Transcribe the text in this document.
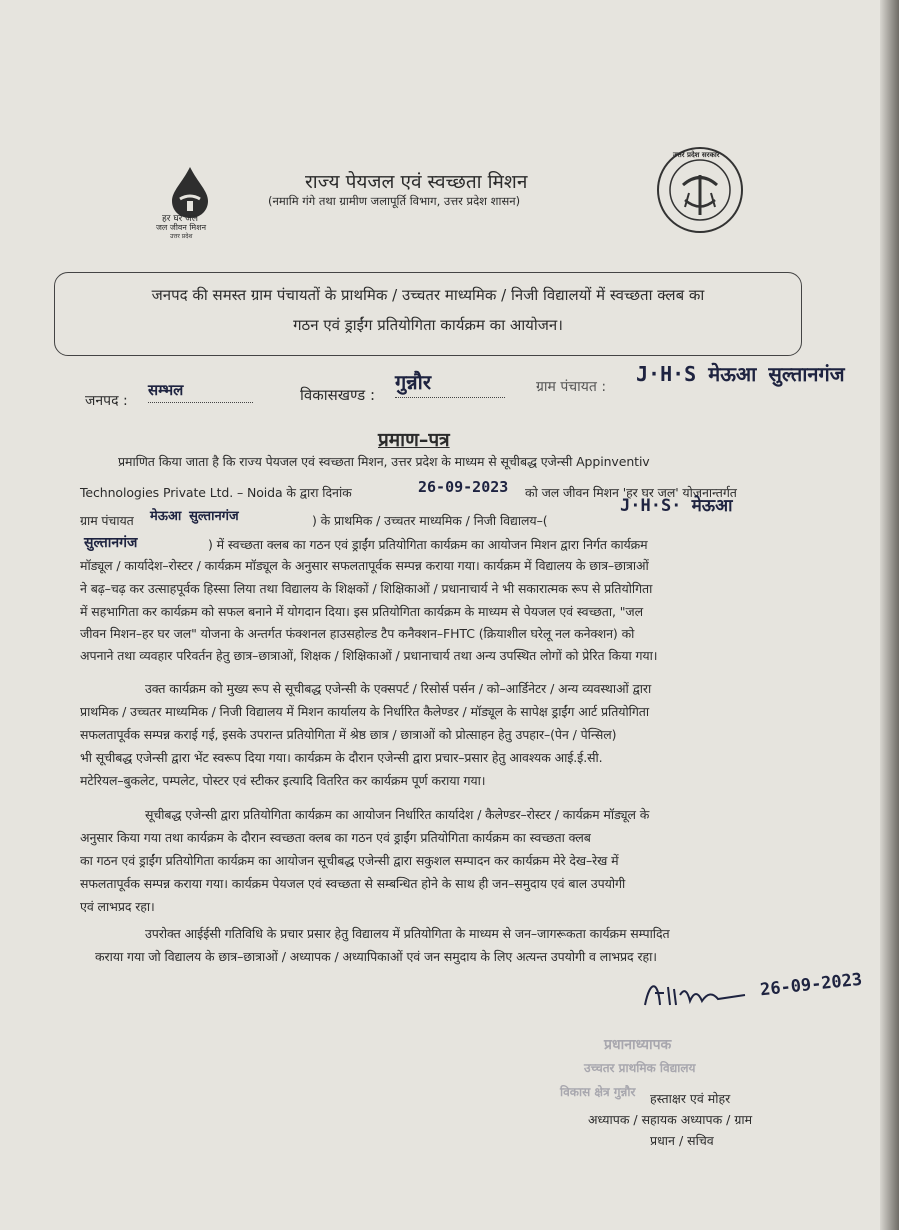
हर घर जल
जल जीवन मिशन
उत्तर प्रदेश
राज्य पेयजल एवं स्वच्छता मिशन
(नमामि गंगे तथा ग्रामीण जलापूर्ति विभाग, उत्तर प्रदेश शासन)
उत्तर प्रदेश सरकार
जनपद की समस्त ग्राम पंचायतों के प्राथमिक / उच्चतर माध्यमिक / निजी विद्यालयों में स्वच्छता क्लब का
गठन एवं ड्राईंग प्रतियोगिता कार्यक्रम का आयोजन।
जनपद :
सम्भल	विकासखण्ड :
गुन्नौर	ग्राम पंचायत :
J·H·S मेऊआ सुल्तानगंज
प्रमाण–पत्र
प्रमाणित किया जाता है कि राज्य पेयजल एवं स्वच्छता मिशन, उत्तर प्रदेश के माध्यम से सूचीबद्ध एजेन्सी Appinventiv
Technologies Private Ltd. – Noida के द्वारा दिनांक	26-09-2023 को जल जीवन मिशन 'हर घर जल' योजनान्तर्गत
ग्राम पंचायत मेऊआ सुल्तानगंज	) के प्राथमिक / उच्चतर माध्यमिक / निजी विद्यालय–(
J·H·S· मेऊआ
सुल्तानगंज	) में स्वच्छता क्लब का गठन एवं ड्राईंग प्रतियोगिता कार्यक्रम का आयोजन मिशन द्वारा निर्गत कार्यक्रम
मॉड्यूल / कार्यादेश–रोस्टर / कार्यक्रम मॉड्यूल के अनुसार सफलतापूर्वक सम्पन्न कराया गया। कार्यक्रम में विद्यालय के छात्र–छात्राओं
ने बढ़–चढ़ कर उत्साहपूर्वक हिस्सा लिया तथा विद्यालय के शिक्षकों / शिक्षिकाओं / प्रधानाचार्य ने भी सकारात्मक रूप से प्रतियोगिता
में सहभागिता कर कार्यक्रम को सफल बनाने में योगदान दिया। इस प्रतियोगिता कार्यक्रम के माध्यम से पेयजल एवं स्वच्छता, "जल
जीवन मिशन–हर घर जल" योजना के अन्तर्गत फंक्शनल हाउसहोल्ड टैप कनैक्शन–FHTC (क्रियाशील घरेलू नल कनेक्शन) को
अपनाने तथा व्यवहार परिवर्तन हेतु छात्र–छात्राओं, शिक्षक / शिक्षिकाओं / प्रधानाचार्य तथा अन्य उपस्थित लोगों को प्रेरित किया गया।
उक्त कार्यक्रम को मुख्य रूप से सूचीबद्ध एजेन्सी के एक्सपर्ट / रिसोर्स पर्सन / को–आर्डिनेटर / अन्य व्यवस्थाओं द्वारा
प्राथमिक / उच्चतर माध्यमिक / निजी विद्यालय में मिशन कार्यालय के निर्धारित कैलेण्डर / मॉड्यूल के सापेक्ष ड्राईंग आर्ट प्रतियोगिता
सफलतापूर्वक सम्पन्न कराई गई, इसके उपरान्त प्रतियोगिता में श्रेष्ठ छात्र / छात्राओं को प्रोत्साहन हेतु उपहार–(पेन / पेन्सिल)
भी सूचीबद्ध एजेन्सी द्वारा भेंट स्वरूप दिया गया। कार्यक्रम के दौरान एजेन्सी द्वारा प्रचार–प्रसार हेतु आवश्यक आई.ई.सी.
मटेरियल–बुकलेट, पम्पलेट, पोस्टर एवं स्टीकर इत्यादि वितरित कर कार्यक्रम पूर्ण कराया गया।
सूचीबद्ध एजेन्सी द्वारा प्रतियोगिता कार्यक्रम का आयोजन निर्धारित कार्यादेश / कैलेण्डर–रोस्टर / कार्यक्रम मॉड्यूल के
अनुसार किया गया तथा कार्यक्रम के दौरान स्वच्छता क्लब का गठन एवं ड्राईंग प्रतियोगिता कार्यक्रम का स्वच्छता क्लब
का गठन एवं ड्राईंग प्रतियोगिता कार्यक्रम का आयोजन सूचीबद्ध एजेन्सी द्वारा सकुशल सम्पादन कर कार्यक्रम मेरे देख–रेख में
सफलतापूर्वक सम्पन्न कराया गया। कार्यक्रम पेयजल एवं स्वच्छता से सम्बन्धित होने के साथ ही जन–समुदाय एवं बाल उपयोगी
एवं लाभप्रद रहा।
उपरोक्त आईईसी गतिविधि के प्रचार प्रसार हेतु विद्यालय में प्रतियोगिता के माध्यम से जन–जागरूकता कार्यक्रम सम्पादित
कराया गया जो विद्यालय के छात्र–छात्राओं / अध्यापक / अध्यापिकाओं एवं जन समुदाय के लिए अत्यन्त उपयोगी व लाभप्रद रहा।
26-09-2023
प्रधानाध्यापक
उच्चतर प्राथमिक विद्यालय
विकास क्षेत्र गुन्नौर हस्ताक्षर एवं मोहर
अध्यापक / सहायक अध्यापक / ग्राम
प्रधान / सचिव
